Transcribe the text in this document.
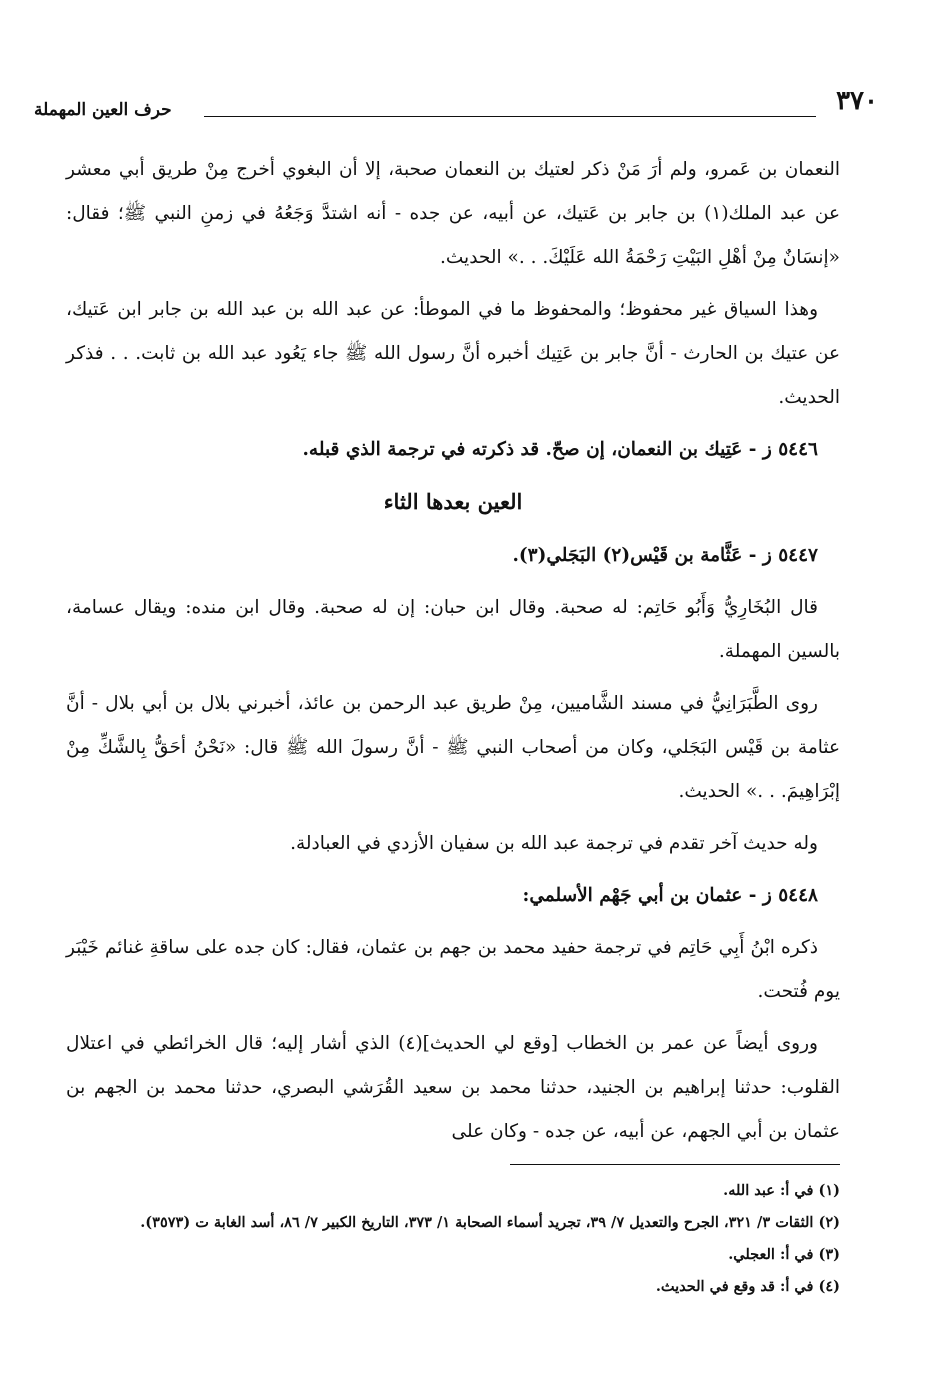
٣٧٠
حرف العين المهملة

النعمان بن عَمرو، ولم أرَ مَنْ ذكر لعتيك بن النعمان صحبة، إلا أن البغوي أخرج مِنْ طريق أبي معشر عن عبد الملك(١) بن جابر بن عَتيك، عن أبيه، عن جده - أنه اشتدَّ وَجَعُهُ في زمنِ النبي ﷺ؛ فقال: «إنسَانٌ مِنْ أهْلِ البَيْتِ رَحْمَةُ الله عَلَيْكَ. . .» الحديث.

وهذا السياق غير محفوظ؛ والمحفوظ ما في الموطأ: عن عبد الله بن عبد الله بن جابر ابن عَتيك، عن عتيك بن الحارث - أنَّ جابر بن عَتِيك أخبره أنَّ رسول الله ﷺ جاء يَعُود عبد الله بن ثابت. . . فذكر الحديث.

٥٤٤٦ ز - عَتِيك بن النعمان، إن صحّ. قد ذكرته في ترجمة الذي قبله.

العين بعدها الثاء

٥٤٤٧ ز - عَثَّامة بن قَيْس(٢) البَجَلي(٣).

قال البُخَارِيُّ وَأَبُو حَاتِم: له صحبة. وقال ابن حبان: إن له صحبة. وقال ابن منده: ويقال عسامة، بالسين المهملة.

روى الطَّبَرَانِيُّ في مسند الشَّاميين، مِنْ طريق عبد الرحمن بن عائذ، أخبرني بلال بن أبي بلال - أنَّ عثامة بن قَيْس البَجَلي، وكان من أصحاب النبي ﷺ - أنَّ رسولَ الله ﷺ قال: «نَحْنُ أحَقُّ بِالشَّكِّ مِنْ إبْرَاهِيمَ. . .» الحديث.

وله حديث آخر تقدم في ترجمة عبد الله بن سفيان الأزدي في العبادلة.

٥٤٤٨ ز - عثمان بن أبي جَهْم الأسلمي:

ذكره ابْنُ أَبِي حَاتِم في ترجمة حفيد محمد بن جهم بن عثمان، فقال: كان جده على ساقةِ غنائم خَيْبَر يوم فُتحت.

وروى أيضاً عن عمر بن الخطاب [وقع لي الحديث](٤) الذي أشار إليه؛ قال الخرائطي في اعتلال القلوب: حدثنا إبراهيم بن الجنيد، حدثنا محمد بن سعيد القُرَشي البصري، حدثنا محمد بن الجهم بن عثمان بن أبي الجهم، عن أبيه، عن جده - وكان على

(١) في أ: عبد الله.

(٢) الثقات ٣/ ٣٢١، الجرح والتعديل ٧/ ٣٩، تجريد أسماء الصحابة ١/ ٣٧٣، التاريخ الكبير ٧/ ٨٦، أسد الغابة ت (٣٥٧٣).

(٣) في أ: العجلي.

(٤) في أ: قد وقع في الحديث.
